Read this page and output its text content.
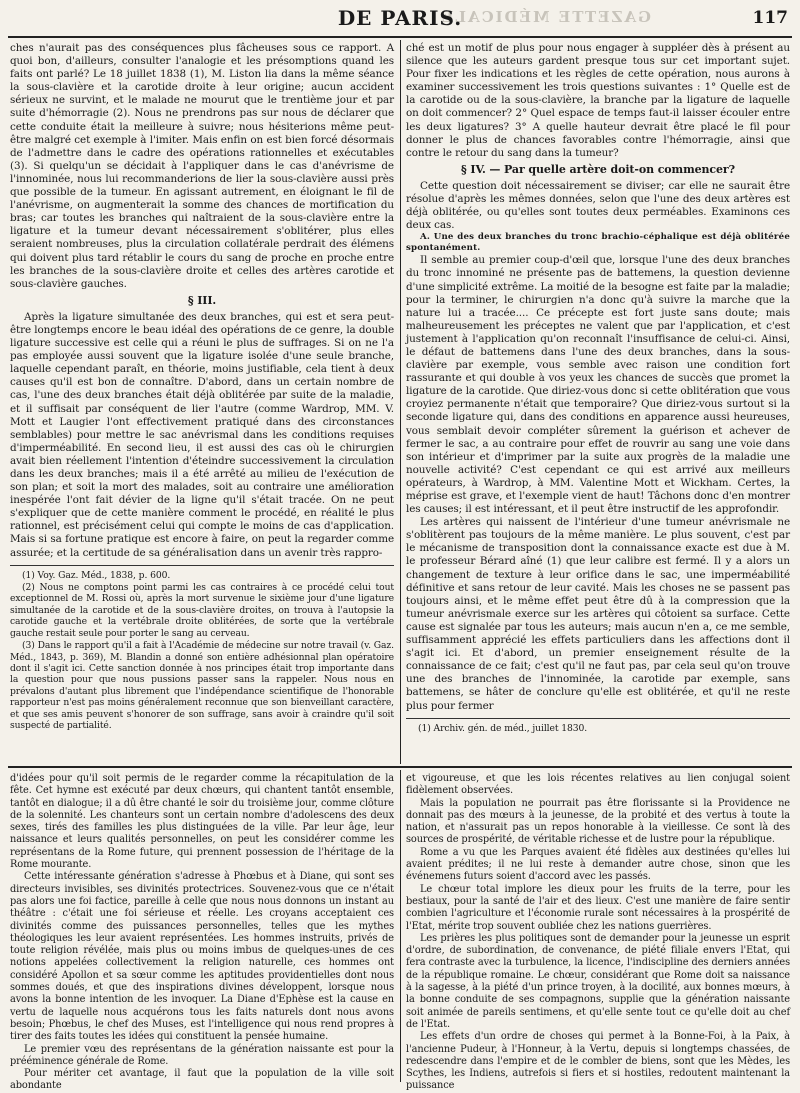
GAZETTE MÉDICALE
DE PARIS.	117

ches n'aurait pas des conséquences plus fâcheuses sous ce rapport. A quoi bon, d'ailleurs, consulter l'analogie et les présomptions quand les faits ont parlé? Le 18 juillet 1838 (1), M. Liston lia dans la même séance la sous-clavière et la carotide droite à leur origine; aucun accident sérieux ne survint, et le malade ne mourut que le trentième jour et par suite d'hémorragie (2). Nous ne prendrons pas sur nous de déclarer que cette conduite était la meilleure à suivre; nous hésiterions même peut-être malgré cet exemple à l'imiter. Mais enfin on est bien forcé désormais de l'admettre dans le cadre des opérations rationnelles et exécutables (3). Si quelqu'un se décidait à l'appliquer dans le cas d'anévrisme de l'innominée, nous lui recommanderions de lier la sous-clavière aussi près que possible de la tumeur. En agissant autrement, en éloignant le fil de l'anévrisme, on augmenterait la somme des chances de mortification du bras; car toutes les branches qui naîtraient de la sous-clavière entre la ligature et la tumeur devant nécessairement s'oblitérer, plus elles seraient nombreuses, plus la circulation collatérale perdrait des élémens qui doivent plus tard rétablir le cours du sang de proche en proche entre les branches de la sous-clavière droite et celles des artères carotide et sous-clavière gauches.

§ III.

Après la ligature simultanée des deux branches, qui est et sera peut-être longtemps encore le beau idéal des opérations de ce genre, la double ligature successive est celle qui a réuni le plus de suffrages. Si on ne l'a pas employée aussi souvent que la ligature isolée d'une seule branche, laquelle cependant paraît, en théorie, moins justifiable, cela tient à deux causes qu'il est bon de connaître. D'abord, dans un certain nombre de cas, l'une des deux branches était déjà oblitérée par suite de la maladie, et il suffisait par conséquent de lier l'autre (comme Wardrop, MM. V. Mott et Laugier l'ont effectivement pratiqué dans des circonstances semblables) pour mettre le sac anévrismal dans les conditions requises d'imperméabilité. En second lieu, il est aussi des cas où le chirurgien avait bien réellement l'intention d'éteindre successivement la circulation dans les deux branches; mais il a été arrêté au milieu de l'exécution de son plan; et soit la mort des malades, soit au contraire une amélioration inespérée l'ont fait dévier de la ligne qu'il s'était tracée. On ne peut s'expliquer que de cette manière comment le procédé, en réalité le plus rationnel, est précisément celui qui compte le moins de cas d'application. Mais si sa fortune pratique est encore à faire, on peut la regarder comme assurée; et la certitude de sa généralisation dans un avenir très rappro-

(1) Voy. Gaz. Méd., 1838, p. 600.

(2) Nous ne comptons point parmi les cas contraires à ce procédé celui tout exceptionnel de M. Rossi où, après la mort survenue le sixième jour d'une ligature simultanée de la carotide et de la sous-clavière droites, on trouva à l'autopsie la carotide gauche et la vertébrale droite oblitérées, de sorte que la vertébrale gauche restait seule pour porter le sang au cerveau.

(3) Dans le rapport qu'il a fait à l'Académie de médecine sur notre travail (v. Gaz. Méd., 1843, p. 369), M. Blandin a donné son entière adhésionnal plan opératoire dont il s'agit ici. Cette sanction donnée à nos principes était trop importante dans la question pour que nous pussions passer sans la rappeler. Nous nous en prévalons d'autant plus librement que l'indépendance scientifique de l'honorable rapporteur n'est pas moins généralement reconnue que son bienveillant caractère, et que ses amis peuvent s'honorer de son suffrage, sans avoir à craindre qu'il soit suspecté de partialité.

ché est un motif de plus pour nous engager à suppléer dès à présent au silence que les auteurs gardent presque tous sur cet important sujet. Pour fixer les indications et les règles de cette opération, nous aurons à examiner successivement les trois questions suivantes : 1° Quelle est de la carotide ou de la sous-clavière, la branche par la ligature de laquelle on doit commencer? 2° Quel espace de temps faut-il laisser écouler entre les deux ligatures? 3° A quelle hauteur devrait être placé le fil pour donner le plus de chances favorables contre l'hémorragie, ainsi que contre le retour du sang dans la tumeur?

§ IV. — Par quelle artère doit-on commencer?

Cette question doit nécessairement se diviser; car elle ne saurait être résolue d'après les mêmes données, selon que l'une des deux artères est déjà oblitérée, ou qu'elles sont toutes deux perméables. Examinons ces deux cas.

A. Une des deux branches du tronc brachio-céphalique est déjà oblitérée spontanément.

Il semble au premier coup-d'œil que, lorsque l'une des deux branches du tronc innominé ne présente pas de battemens, la question devienne d'une simplicité extrême. La moitié de la besogne est faite par la maladie; pour la terminer, le chirurgien n'a donc qu'à suivre la marche que la nature lui a tracée.... Ce précepte est fort juste sans doute; mais malheureusement les préceptes ne valent que par l'application, et c'est justement à l'application qu'on reconnaît l'insuffisance de celui-ci. Ainsi, le défaut de battemens dans l'une des deux branches, dans la sous-clavière par exemple, vous semble avec raison une condition fort rassurante et qui double à vos yeux les chances de succès que promet la ligature de la carotide. Que diriez-vous donc si cette oblitération que vous croyiez permanente n'était que temporaire? Que diriez-vous surtout si la seconde ligature qui, dans des conditions en apparence aussi heureuses, vous semblait devoir compléter sûrement la guérison et achever de fermer le sac, a au contraire pour effet de rouvrir au sang une voie dans son intérieur et d'imprimer par la suite aux progrès de la maladie une nouvelle activité? C'est cependant ce qui est arrivé aux meilleurs opérateurs, à Wardrop, à MM. Valentine Mott et Wickham. Certes, la méprise est grave, et l'exemple vient de haut! Tâchons donc d'en montrer les causes; il est intéressant, et il peut être instructif de les approfondir.

Les artères qui naissent de l'intérieur d'une tumeur anévrismale ne s'oblitèrent pas toujours de la même manière. Le plus souvent, c'est par le mécanisme de transposition dont la connaissance exacte est due à M. le professeur Bérard aîné (1) que leur calibre est fermé. Il y a alors un changement de texture à leur orifice dans le sac, une imperméabilité définitive et sans retour de leur cavité. Mais les choses ne se passent pas toujours ainsi, et le même effet peut être dû à la compression que la tumeur anévrismale exerce sur les artères qui côtoient sa surface. Cette cause est signalée par tous les auteurs; mais aucun n'en a, ce me semble, suffisamment apprécié les effets particuliers dans les affections dont il s'agit ici. Et d'abord, un premier enseignement résulte de la connaissance de ce fait; c'est qu'il ne faut pas, par cela seul qu'on trouve une des branches de l'innominée, la carotide par exemple, sans battemens, se hâter de conclure qu'elle est oblitérée, et qu'il ne reste plus pour fermer

(1) Archiv. gén. de méd., juillet 1830.

d'idées pour qu'il soit permis de le regarder comme la récapitulation de la fête. Cet hymne est exécuté par deux chœurs, qui chantent tantôt ensemble, tantôt en dialogue; il a dû être chanté le soir du troisième jour, comme clôture de la solennité. Les chanteurs sont un certain nombre d'adolescens des deux sexes, tirés des familles les plus distinguées de la ville. Par leur âge, leur naissance et leurs qualités personnelles, on peut les considérer comme les représentans de la Rome future, qui prennent possession de l'héritage de la Rome mourante.

Cette intéressante génération s'adresse à Phœbus et à Diane, qui sont ses directeurs invisibles, ses divinités protectrices. Souvenez-vous que ce n'était pas alors une foi factice, pareille à celle que nous nous donnons un instant au théâtre : c'était une foi sérieuse et réelle. Les croyans acceptaient ces divinités comme des puissances personnelles, telles que les mythes théologiques les leur avaient représentées. Les hommes instruits, privés de toute religion révélée, mais plus ou moins imbus de quelques-unes de ces notions appelées collectivement la religion naturelle, ces hommes ont considéré Apollon et sa sœur comme les aptitudes providentielles dont nous sommes doués, et que des inspirations divines développent, lorsque nous avons la bonne intention de les invoquer. La Diane d'Ephèse est la cause en vertu de laquelle nous acquérons tous les faits naturels dont nous avons besoin; Phœbus, le chef des Muses, est l'intelligence qui nous rend propres à tirer des faits toutes les idées qui constituent la pensée humaine.

Le premier vœu des représentans de la génération naissante est pour la prééminence générale de Rome.

Pour mériter cet avantage, il faut que la population de la ville soit abondante

et vigoureuse, et que les lois récentes relatives au lien conjugal soient fidèlement observées.

Mais la population ne pourrait pas être florissante si la Providence ne donnait pas des mœurs à la jeunesse, de la probité et des vertus à toute la nation, et n'assurait pas un repos honorable à la vieillesse. Ce sont là des sources de prospérité, de véritable richesse et de lustre pour la république.

Rome a vu que les Parques avaient été fidèles aux destinées qu'elles lui avaient prédites; il ne lui reste à demander autre chose, sinon que les événemens futurs soient d'accord avec les passés.

Le chœur total implore les dieux pour les fruits de la terre, pour les bestiaux, pour la santé de l'air et des lieux. C'est une manière de faire sentir combien l'agriculture et l'économie rurale sont nécessaires à la prospérité de l'Etat, mérite trop souvent oubliée chez les nations guerrières.

Les prières les plus politiques sont de demander pour la jeunesse un esprit d'ordre, de subordination, de convenance, de piété filiale envers l'Etat, qui fera contraste avec la turbulence, la licence, l'indiscipline des derniers années de la république romaine. Le chœur, considérant que Rome doit sa naissance à la sagesse, à la piété d'un prince troyen, à la docilité, aux bonnes mœurs, à la bonne conduite de ses compagnons, supplie que la génération naissante soit animée de pareils sentimens, et qu'elle sente tout ce qu'elle doit au chef de l'Etat.

Les effets d'un ordre de choses qui permet à la Bonne-Foi, à la Paix, à l'ancienne Pudeur, à l'Honneur, à la Vertu, depuis si longtemps chassées, de redescendre dans l'empire et de le combler de biens, sont que les Mèdes, les Scythes, les Indiens, autrefois si fiers et si hostiles, redoutent maintenant la puissance
